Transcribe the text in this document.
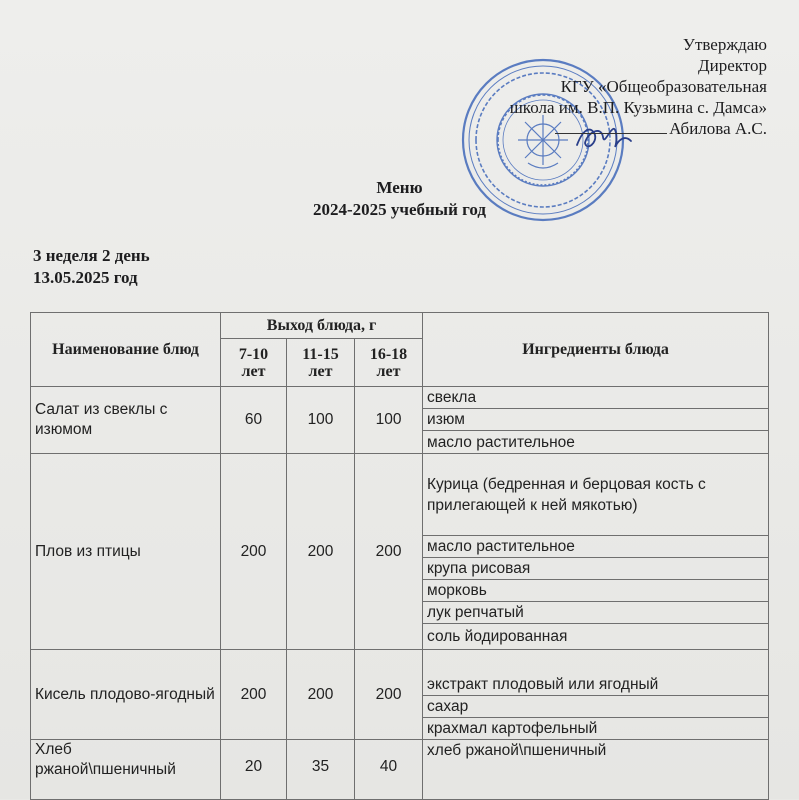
Утверждаю
Директор
КГУ «Общеобразовательная
школа им. В.П. Кузьмина с. Дамса»
Абилова А.С.
Меню
2024-2025 учебный год
3 неделя 2 день
13.05.2025 год
Наименование блюд	Выход блюда, г			Ингредиенты блюда
	7-10 лет	11-15 лет	16-18 лет	
Салат из свеклы с изюмом	60	100	100	свекла
				изюм
				масло растительное
Плов из птицы	200	200	200	Курица (бедренная и берцовая кость с прилегающей к ней мякотью)
				масло растительное
				крупа рисовая
				морковь
				лук репчатый
				соль йодированная
Кисель плодово-ягодный	200	200	200	экстракт плодовый или ягодный
				сахар
				крахмал картофельный
Хлеб ржаной\пшеничный	20	35	40	хлеб ржаной\пшеничный
